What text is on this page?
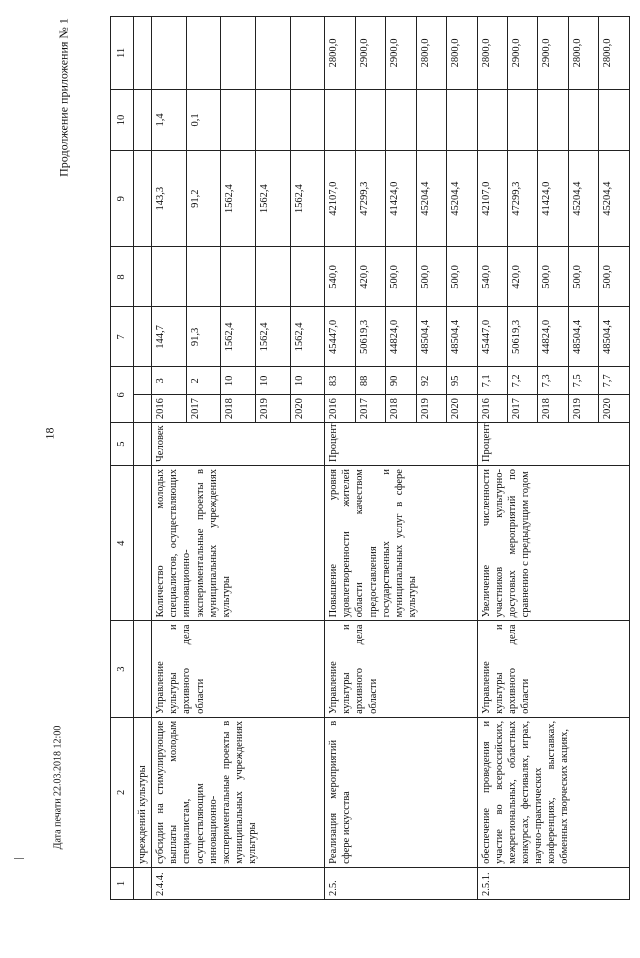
18
Продолжение приложения № 1
Дата печати 22.03.2018 12:00
1	2	3	4	5	6		7	8	9	10	11
	учреждений культуры										
2.4.4.	субсидии на стимулирующие выплаты молодым специалистам, осуществляющим инновационно-экспериментальные проекты в муниципальных учреждениях культуры	Управление культуры и архивного дела области	Количество молодых специалистов, осуществляющих инновационно-экспериментальные проекты в муниципальных учреждениях культуры	Человек	2016	3	144,7		143,3	1,4	
					2017	2	91,3		91,2	0,1	
					2018	10	1562,4		1562,4		
					2019	10	1562,4		1562,4		
					2020	10	1562,4		1562,4		
2.5.	Реализация мероприятий в сфере искусства	Управление культуры и архивного дела области	Повышение уровня удовлетворенности жителей области качеством предоставления государственных и муниципальных услуг в сфере культуры	Процент	2016	83	45447,0	540,0	42107,0		2800,0
					2017	88	50619,3	420,0	47299,3		2900,0
					2018	90	44824,0	500,0	41424,0		2900,0
					2019	92	48504,4	500,0	45204,4		2800,0
					2020	95	48504,4	500,0	45204,4		2800,0
2.5.1.	обеспечение проведения и участие во всероссийских, межрегиональных, областных конкурсах, фестивалях, играх, научно-практических конференциях, выставках, обменных творческих акциях,	Управление культуры и архивного дела области	Увеличение численности участников культурно-досуговых мероприятий по сравнению с предыдущим годом	Процент	2016	7,1	45447,0	540,0	42107,0		2800,0
					2017	7,2	50619,3	420,0	47299,3		2900,0
					2018	7,3	44824,0	500,0	41424,0		2900,0
					2019	7,5	48504,4	500,0	45204,4		2800,0
					2020	7,7	48504,4	500,0	45204,4		2800,0
